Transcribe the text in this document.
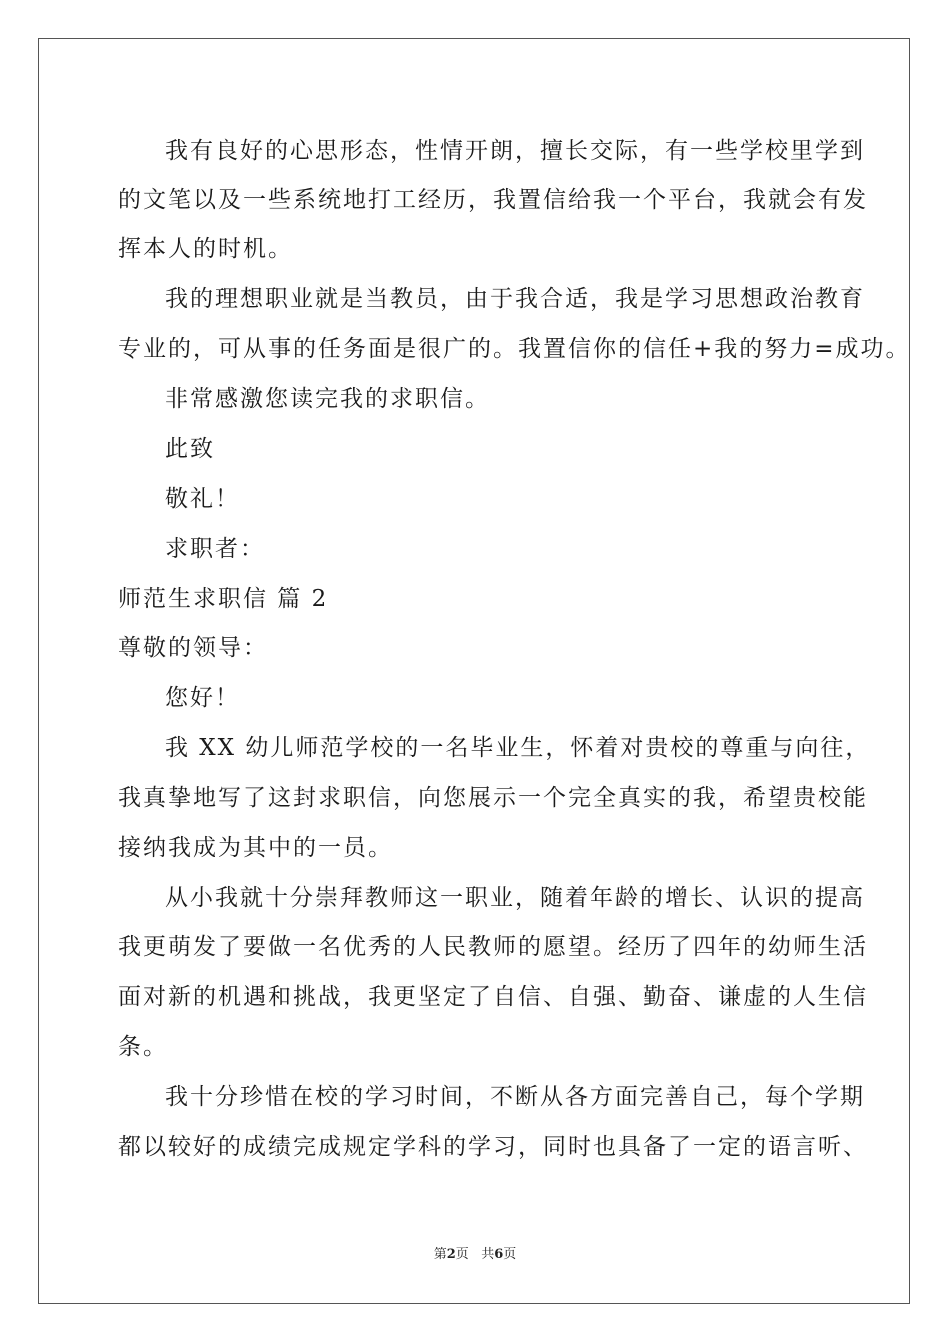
我有良好的心思形态，性情开朗，擅长交际，有一些学校里学到
的文笔以及一些系统地打工经历，我置信给我一个平台，我就会有发
挥本人的时机。
我的理想职业就是当教员，由于我合适，我是学习思想政治教育
专业的，可从事的任务面是很广的。我置信你的信任+我的努力=成功。
非常感激您读完我的求职信。
此致
敬礼！
求职者：
师范生求职信 篇 2
尊敬的领导：
您好！
我 XX 幼儿师范学校的一名毕业生，怀着对贵校的尊重与向往，
我真挚地写了这封求职信，向您展示一个完全真实的我，希望贵校能
接纳我成为其中的一员。
从小我就十分崇拜教师这一职业，随着年龄的增长、认识的提高
我更萌发了要做一名优秀的人民教师的愿望。经历了四年的幼师生活
面对新的机遇和挑战，我更坚定了自信、自强、勤奋、谦虚的人生信
条。
我十分珍惜在校的学习时间，不断从各方面完善自己，每个学期
都以较好的成绩完成规定学科的学习，同时也具备了一定的语言听、
第2页   共6页
